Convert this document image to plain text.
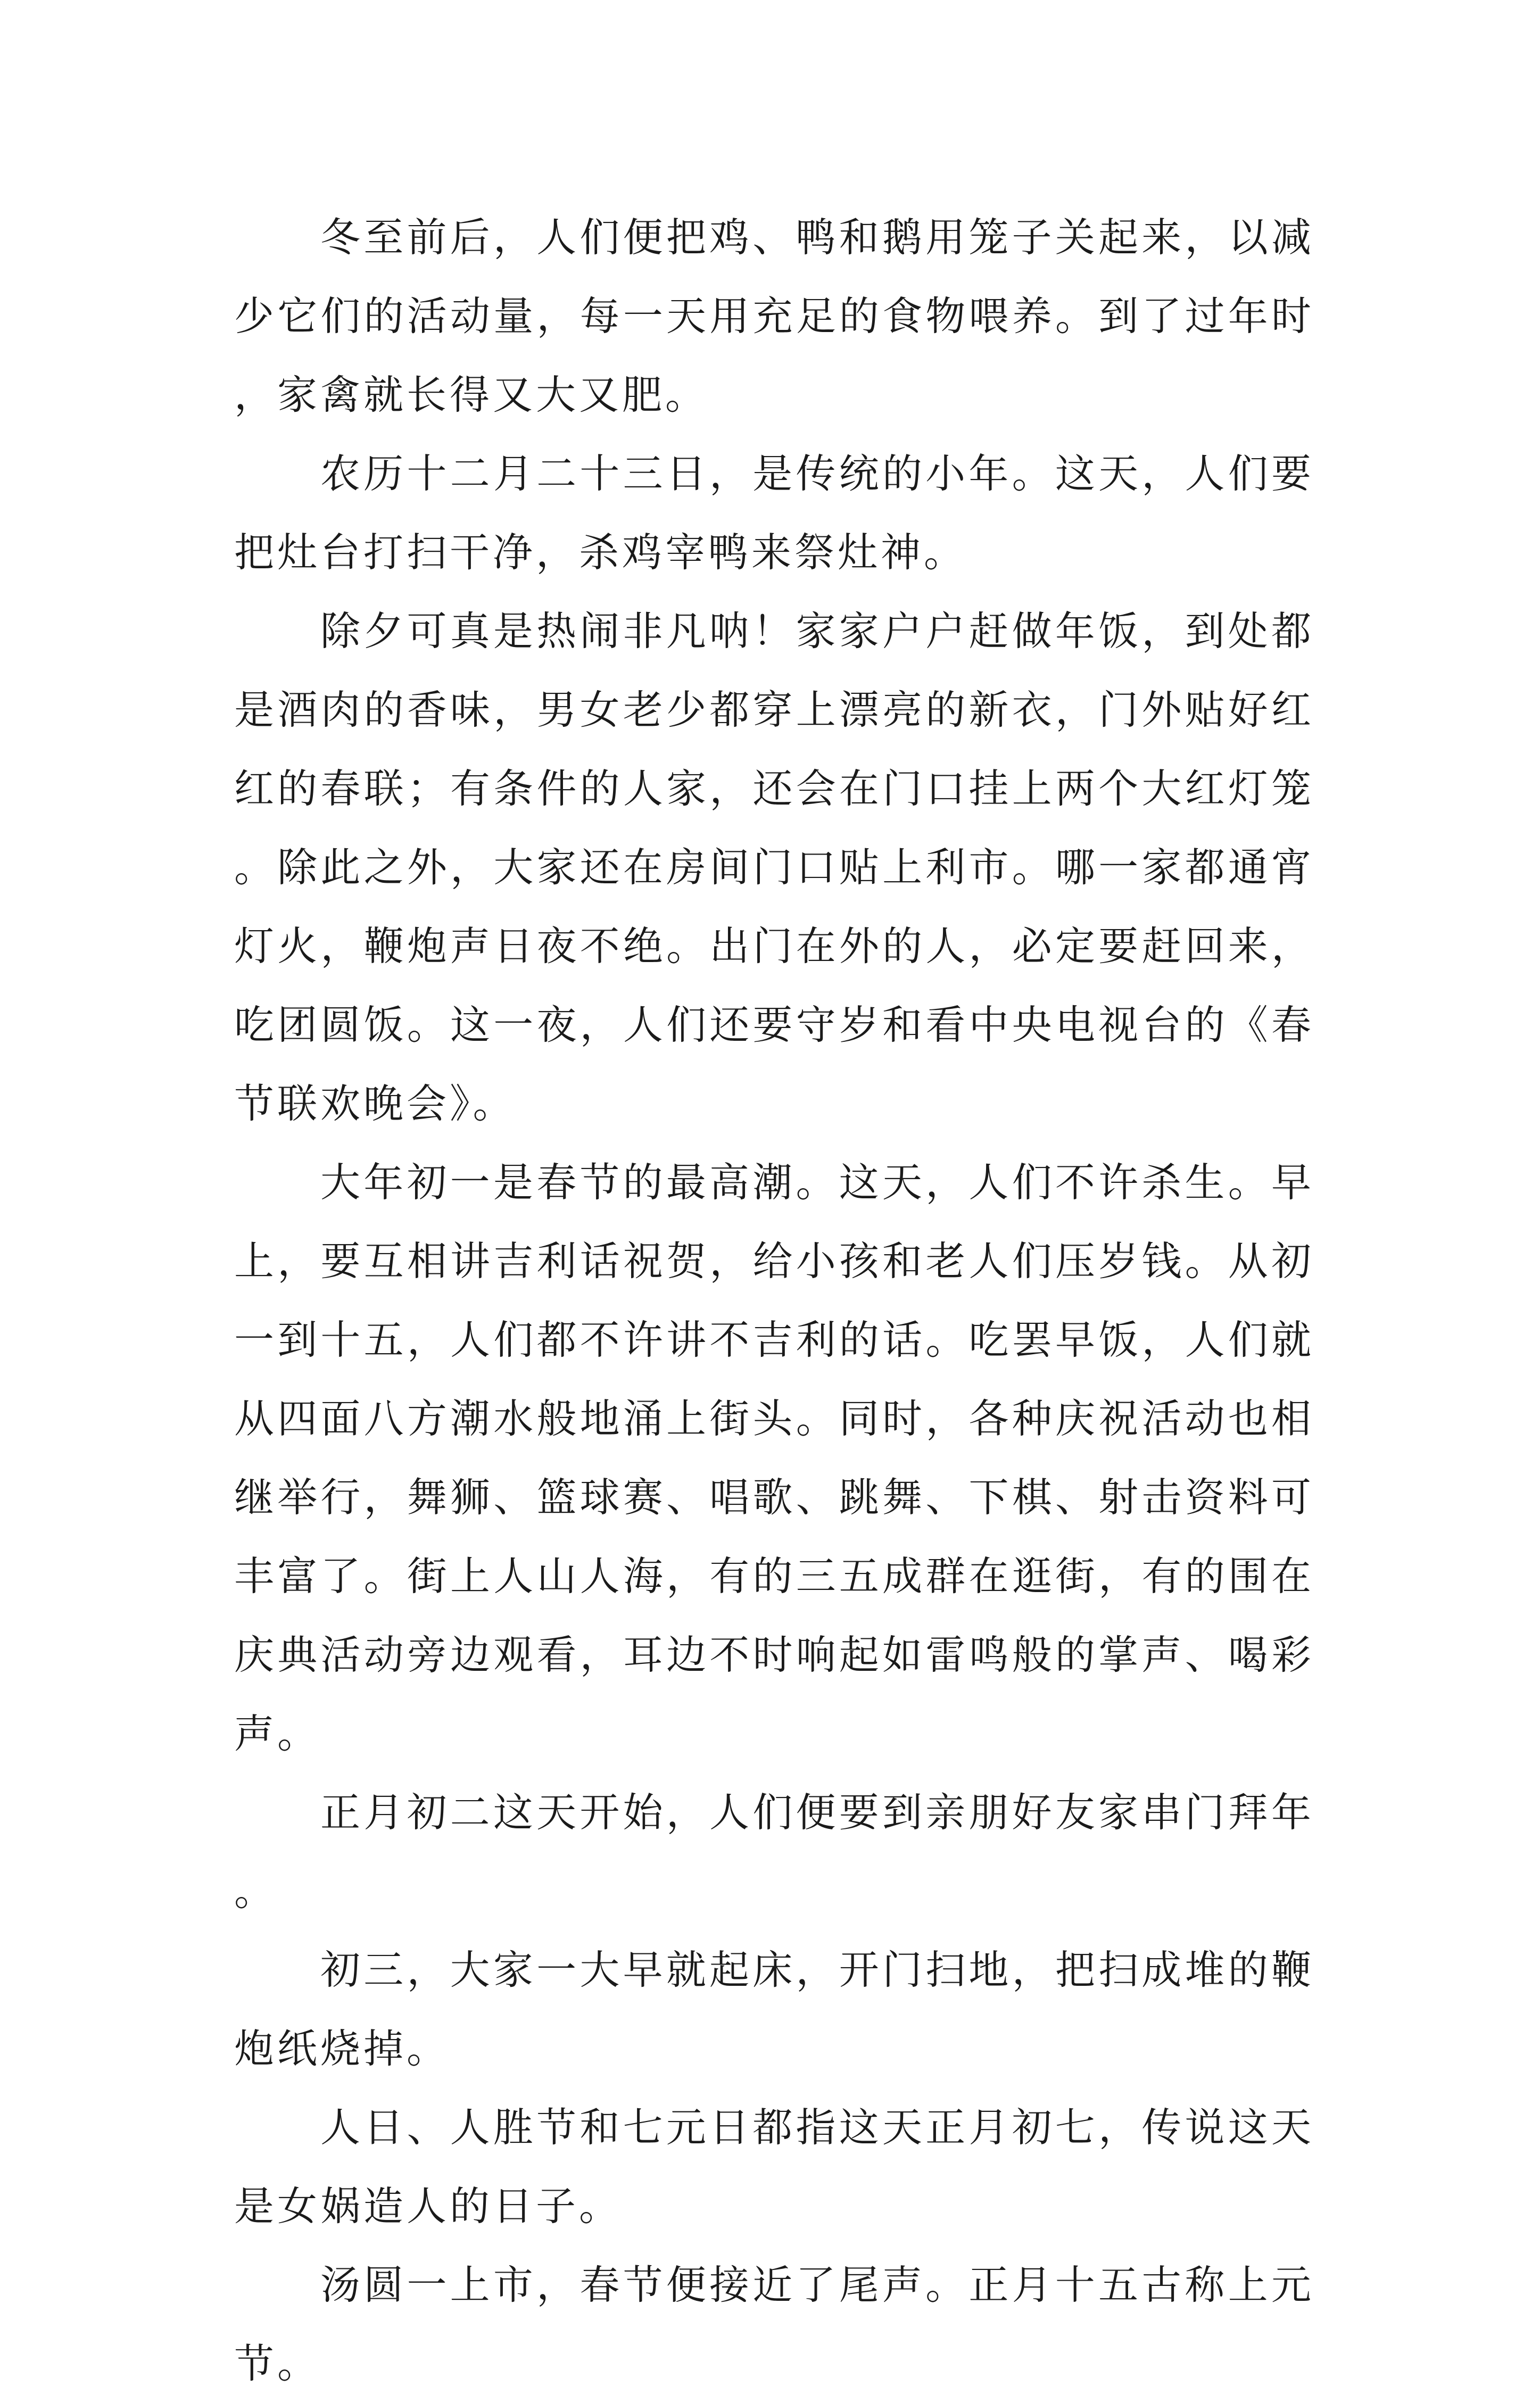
冬至前后，人们便把鸡、鸭和鹅用笼子关起来，以减少它们的活动量，每一天用充足的食物喂养。到了过年时，家禽就长得又大又肥。

农历十二月二十三日，是传统的小年。这天，人们要把灶台打扫干净，杀鸡宰鸭来祭灶神。

除夕可真是热闹非凡呐！家家户户赶做年饭，到处都是酒肉的香味，男女老少都穿上漂亮的新衣，门外贴好红红的春联；有条件的人家，还会在门口挂上两个大红灯笼。除此之外，大家还在房间门口贴上利市。哪一家都通宵灯火，鞭炮声日夜不绝。出门在外的人，必定要赶回来，吃团圆饭。这一夜，人们还要守岁和看中央电视台的《春节联欢晚会》。

大年初一是春节的最高潮。这天，人们不许杀生。早上，要互相讲吉利话祝贺，给小孩和老人们压岁钱。从初一到十五，人们都不许讲不吉利的话。吃罢早饭，人们就从四面八方潮水般地涌上街头。同时，各种庆祝活动也相继举行，舞狮、篮球赛、唱歌、跳舞、下棋、射击资料可丰富了。街上人山人海，有的三五成群在逛街，有的围在庆典活动旁边观看，耳边不时响起如雷鸣般的掌声、喝彩声。

正月初二这天开始，人们便要到亲朋好友家串门拜年。

初三，大家一大早就起床，开门扫地，把扫成堆的鞭炮纸烧掉。

人日、人胜节和七元日都指这天正月初七，传说这天是女娲造人的日子。

汤圆一上市，春节便接近了尾声。正月十五古称上元节。
